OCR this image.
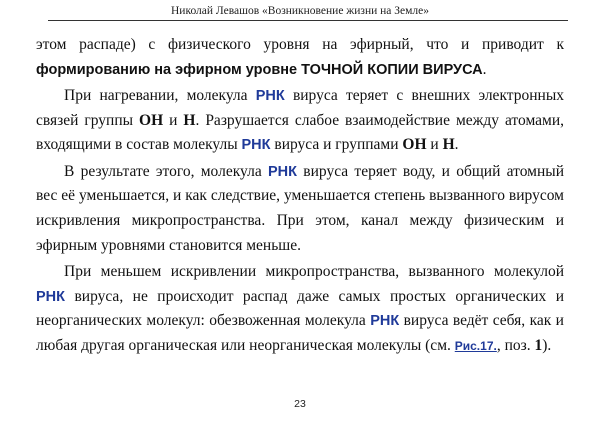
Николай Левашов «Возникновение жизни на Земле»

этом распаде) с физического уровня на эфирный, что и приводит к формированию на эфирном уровне ТОЧНОЙ КОПИИ ВИРУСА.

При нагревании, молекула РНК вируса теряет с внешних электронных связей группы ОН и Н. Разрушается слабое взаимодействие между атомами, входящими в состав молекулы РНК вируса и группами ОН и Н.

В результате этого, молекула РНК вируса теряет воду, и общий атомный вес её уменьшается, и как следствие, уменьшается степень вызванного вирусом искривления микропространства. При этом, канал между физическим и эфирным уровнями становится меньше.

При меньшем искривлении микропространства, вызванного молекулой РНК вируса, не происходит распад даже самых простых органических и неорганических молекул: обезвоженная молекула РНК вируса ведёт себя, как и любая другая органическая или неорганическая молекулы (см. Рис.17., поз. 1).

23
